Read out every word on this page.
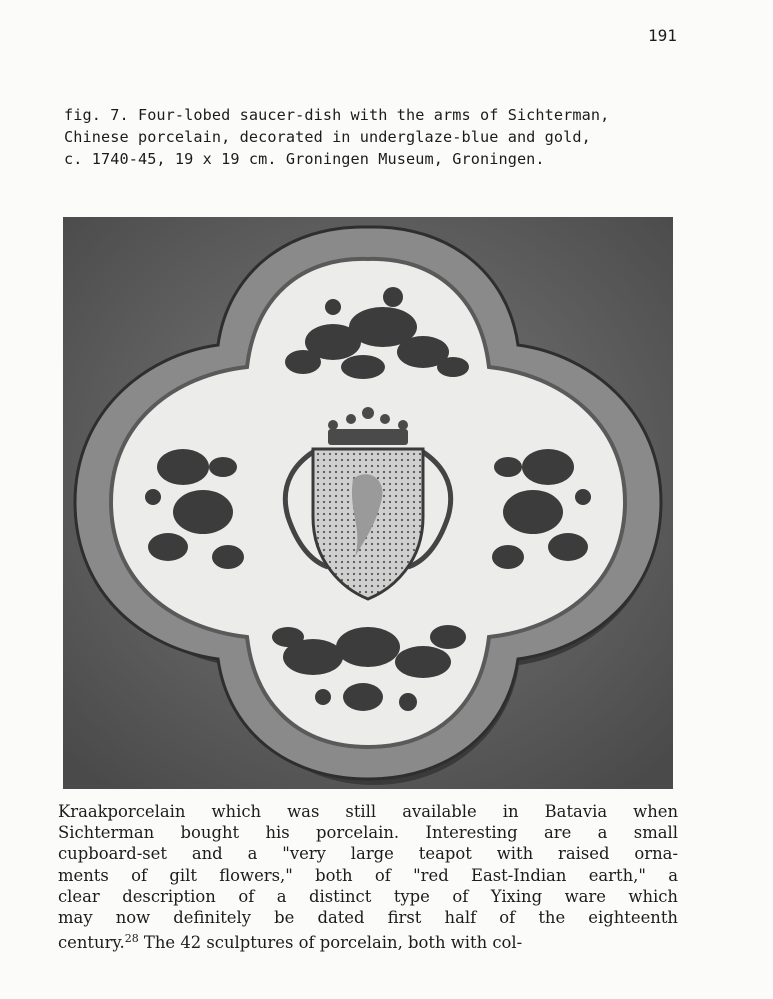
191
fig. 7. Four-lobed saucer-dish with the arms of Sichterman,
Chinese porcelain, decorated in underglaze-blue and gold,
c. 1740-45, 19 x 19 cm. Groningen Museum, Groningen.
Kraakporcelain which was still available in Batavia when
Sichterman bought his porcelain. Interesting are a small
cupboard-set and a "very large teapot with raised orna-
ments of gilt flowers," both of "red East-Indian earth," a
clear description of a distinct type of Yixing ware which
may now definitely be dated first half of the eighteenth
century.$^{28}$ The 42 sculptures of porcelain, both with col-
